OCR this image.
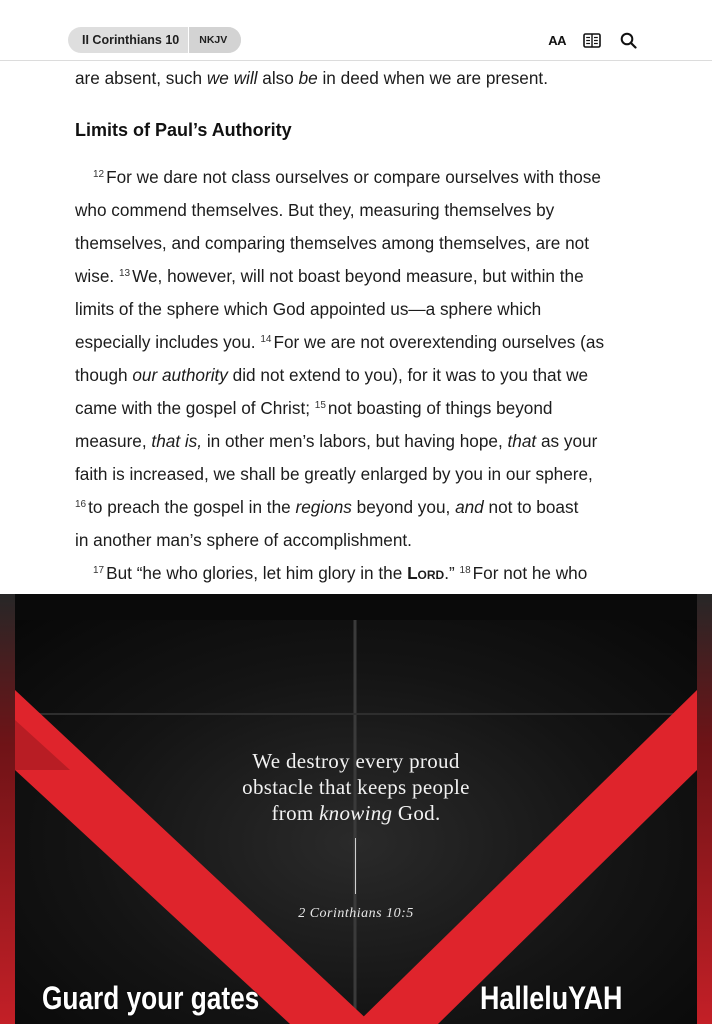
II Corinthians 10	NKJV	AA
are absent, such we will also be in deed when we are present.
Limits of Paul’s Authority
$^{12}$ For we dare not class ourselves or compare ourselves with those
who commend themselves. But they, measuring themselves by
themselves, and comparing themselves among themselves, are not
wise. $^{13}$ We, however, will not boast beyond measure, but within the
limits of the sphere which God appointed us—a sphere which
especially includes you. $^{14}$ For we are not overextending ourselves (as
though our authority did not extend to you), for it was to you that we
came with the gospel of Christ; $^{15}$ not boasting of things beyond
measure, that is, in other men’s labors, but having hope, that as your
faith is increased, we shall be greatly enlarged by you in our sphere,
$^{16}$ to preach the gospel in the regions beyond you, and not to boast
in another man’s sphere of accomplishment.
$^{17}$ But “he who glories, let him glory in the Lord.” $^{18}$ For not he who
We destroy every proud
obstacle that keeps people
from knowing God.
2 Corinthians 10:5
Guard your gates	HalleluYAH
